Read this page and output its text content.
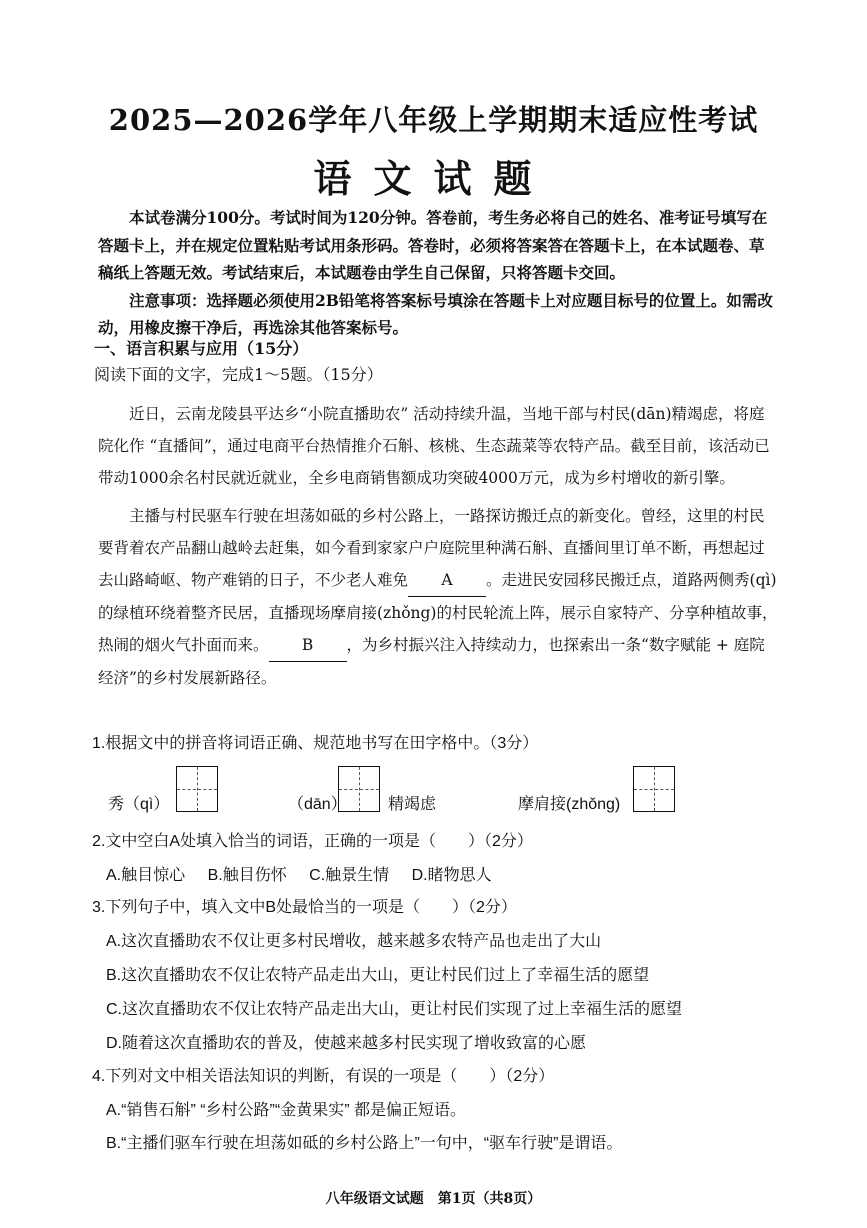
2025—2026学年八年级上学期期末适应性考试
语文试题

本试卷满分100分。考试时间为120分钟。答卷前，考生务必将自己的姓名、准考证号填写在答题卡上，并在规定位置粘贴考试用条形码。答卷时，必须将答案答在答题卡上，在本试题卷、草稿纸上答题无效。考试结束后，本试题卷由学生自己保留，只将答题卡交回。

注意事项：选择题必须使用2B铅笔将答案标号填涂在答题卡上对应题目标号的位置上。如需改动，用橡皮擦干净后，再选涂其他答案标号。

一、语言积累与应用（15分）
阅读下面的文字，完成1～5题。（15分）

近日，云南龙陵县平达乡“小院直播助农” 活动持续升温，当地干部与村民(dān)精竭虑，将庭院化作 “直播间”，通过电商平台热情推介石斛、核桃、生态蔬菜等农特产品。截至目前，该活动已带动1000余名村民就近就业，全乡电商销售额成功突破4000万元，成为乡村增收的新引擎。

主播与村民驱车行驶在坦荡如砥的乡村公路上，一路探访搬迁点的新变化。曾经，这里的村民要背着农产品翻山越岭去赶集，如今看到家家户户庭院里种满石斛、直播间里订单不断，再想起过去山路崎岖、物产难销的日子，不少老人难免 A 。走进民安园移民搬迁点，道路两侧秀(qì)的绿植环绕着整齐民居，直播现场摩肩接(zhǒng)的村民轮流上阵，展示自家特产、分享种植故事，热闹的烟火气扑面而来。 B ，为乡村振兴注入持续动力，也探索出一条“数字赋能 + 庭院经济”的乡村发展新路径。

1.根据文中的拼音将词语正确、规范地书写在田字格中。（3分）
秀（qì）	（dān）	精竭虑	摩肩接(zhǒng)
2.文中空白A处填入恰当的词语，正确的一项是（　　）（2分）
A.触目惊心 B.触目伤怀 C.触景生情 D.睹物思人
3.下列句子中，填入文中B处最恰当的一项是（　　）（2分）
A.这次直播助农不仅让更多村民增收，越来越多农特产品也走出了大山
B.这次直播助农不仅让农特产品走出大山，更让村民们过上了幸福生活的愿望
C.这次直播助农不仅让农特产品走出大山，更让村民们实现了过上幸福生活的愿望
D.随着这次直播助农的普及，使越来越多村民实现了增收致富的心愿
4.下列对文中相关语法知识的判断，有误的一项是（　　）（2分）
A.“销售石斛” “乡村公路”“金黄果实” 都是偏正短语。
B.“主播们驱车行驶在坦荡如砥的乡村公路上”一句中，“驱车行驶”是谓语。
八年级语文试题　第1页（共8页）
